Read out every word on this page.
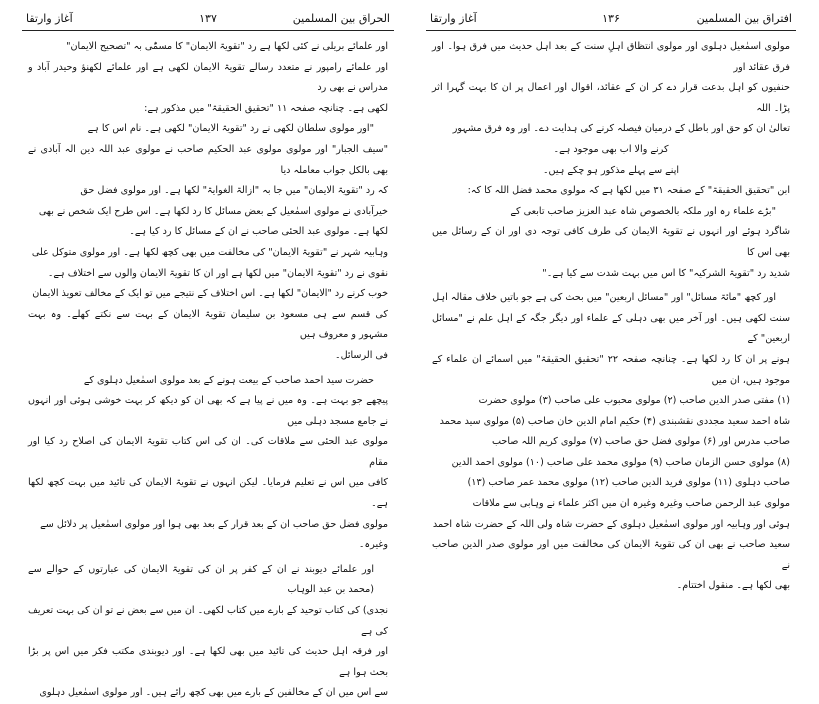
الحراق بین المسلمین
۱۳۷
آغاز وارتقا

اور علمائے بریلی نے کئی لکھا ہے رد "تقویۃ الایمان" کا مسمّٰی بہ "تصحیح الایمان"

اور علمائے رامپور نے متعدد رسالے تقویۃ الایمان لکھی ہے اور علمائے لکھنؤ وحیدر آباد و مدراس نے بھی رد

لکھی ہے۔ چنانچہ صفحہ ۱۱ "تحقیق الحقیقۃ" میں مذکور ہے:

"اور مولوی سلطان لکھی نے رد "تقویۃ الایمان" لکھی ہے۔ نام اس کا ہے

"سیف الجبار" اور مولوی مولوی عبد الحکیم صاحب نے مولوی عبد اللہ دین الہ آبادی نے بھی بالکل جواب معاملہ دیا

کہ رد "تقویۃ الایمان" میں جا بہ "ازالۃ الغوایۃ" لکھا ہے۔ اور مولوی فضل حق

خیرآبادی نے مولوی اسمٰعیل کے بعض مسائل کا رد لکھا ہے۔ اس طرح ایک شخص نے بھی

لکھا ہے۔ مولوی عبد الحئی صاحب نے ان کے مسائل کا رد کیا ہے۔

وہابیہ شہر نے "تقویۃ الایمان" کی مخالفت میں بھی کچھ لکھا ہے۔ اور مولوی متوکل علی

نقوی نے رد "تقویۃ الایمان" میں لکھا ہے اور ان کا تقویۃ الایمان والوں سے اختلاف ہے۔

خوب کرنے رد "الایمان" لکھا ہے۔ اس اختلاف کے نتیجے میں تو ایک کے مخالف تعویذ الایمان

کی قسم سے ہی مسعود بن سلیمان تقویۃ الایمان کے بہت سے نکتے کھلے۔ وہ بہت مشہور و معروف ہیں

فی الرسائل۔

حضرت سید احمد صاحب کے بیعت ہونے کے بعد مولوی اسمٰعیل دہلوی کے

پیچھے جو بہت ہے۔ وہ میں نے پیا ہے کہ بھی ان کو دیکھ کر بہت خوشی ہوئی اور انہوں نے جامع مسجد دہلی میں

مولوی عبد الحئی سے ملاقات کی۔ ان کی اس کتاب تقویۃ الایمان کی اصلاح رد کیا اور مقام

کافی میں اس نے تعلیم فرمایا۔ لیکن انہوں نے تقویۃ الایمان کی تائید میں بہت کچھ لکھا ہے۔

مولوی فضل حق صاحب ان کے بعد قرار کے بعد بھی ہوا اور مولوی اسمٰعیل پر دلائل سے

وغیرہ۔

اور علمائے دیوبند نے ان کے کفر پر ان کی تقویۃ الایمان کی عبارتوں کے حوالے سے (محمد بن عبد الوہاب

نجدی) کی کتاب توحید کے بارے میں کتاب لکھی۔ ان میں سے بعض نے تو ان کی بہت تعریف کی ہے

اور فرقہ اہل حدیث کی تائید میں بھی لکھا ہے۔ اور دیوبندی مکتب فکر میں اس پر بڑا بحث ہوا ہے

سے اس میں ان کے مخالفین کے بارے میں بھی کچھ رائے ہیں۔ اور مولوی اسمٰعیل دہلوی

افتراق بین المسلمین
۱۳۶
آغاز وارتقا

مولوی اسمٰعیل دہلوی اور مولوی انتظاق اہلِ سنت کے بعد اہل حدیث میں فرق ہوا۔ اور فرق عقائد اور

حنفیوں کو اہل بدعت قرار دے کر ان کے عقائد، اقوال اور اعمال پر ان کا بہت گہرا اثر پڑا۔ اللہ

تعالیٰ ان کو حق اور باطل کے درمیان فیصلہ کرنے کی ہدایت دے۔ اور وہ فرق مشہور

کرنے والا اب بھی موجود ہے۔

اپنے سے پہلے مذکور ہو چکے ہیں۔

ابن "تحقیق الحقیقۃ" کے صفحہ ۳۱ میں لکھا ہے کہ مولوی محمد فضل اللہ کا کہ:

"بڑے علماء رہ اور ملکہ بالخصوص شاہ عبد العزیز صاحب تابعی کے

شاگرد ہوئے اور انہوں نے تقویۃ الایمان کی طرف کافی توجہ دی اور ان کے رسائل میں بھی اس کا

شدید رد "تقویۃ الشرکیہ" کا اس میں بہت شدت سے کیا ہے۔"

اور کچھ "مائۃ مسائل" اور "مسائل اربعین" میں بحث کی ہے جو باتیں خلاف مقالہ اہل

سنت لکھی ہیں۔ اور آخر میں بھی دہلی کے علماء اور دیگر جگہ کے اہل علم نے "مسائل اربعین" کے

ہونے پر ان کا رد لکھا ہے۔ چنانچہ صفحہ ۲۲ "تحقیق الحقیقۃ" میں اسمائے ان علماء کے موجود ہیں، ان میں

(۱) مفتی صدر الدین صاحب (۲) مولوی محبوب علی صاحب (۳) مولوی حضرت

شاہ احمد سعید مجددی نقشبندی (۴) حکیم امام الدین خان صاحب (۵) مولوی سید محمد

صاحب مدرس اور (۶) مولوی فضل حق صاحب (۷) مولوی کریم اللہ صاحب

(۸) مولوی حسن الزمان صاحب (۹) مولوی محمد علی صاحب (۱۰) مولوی احمد الدین

صاحب دہلوی (۱۱) مولوی فرید الدین صاحب (۱۲) مولوی محمد عمر صاحب (۱۳)

مولوی عبد الرحمن صاحب وغیرہ وغیرہ ان میں اکثر علماء نے وہابی سے ملاقات

ہوئی اور وہابیہ اور مولوی اسمٰعیل دہلوی کے حضرت شاہ ولی اللہ کے حضرت شاہ احمد

سعید صاحب نے بھی ان کی تقویۃ الایمان کی مخالفت میں اور مولوی صدر الدین صاحب نے

بھی لکھا ہے۔ منقول اختتام۔
